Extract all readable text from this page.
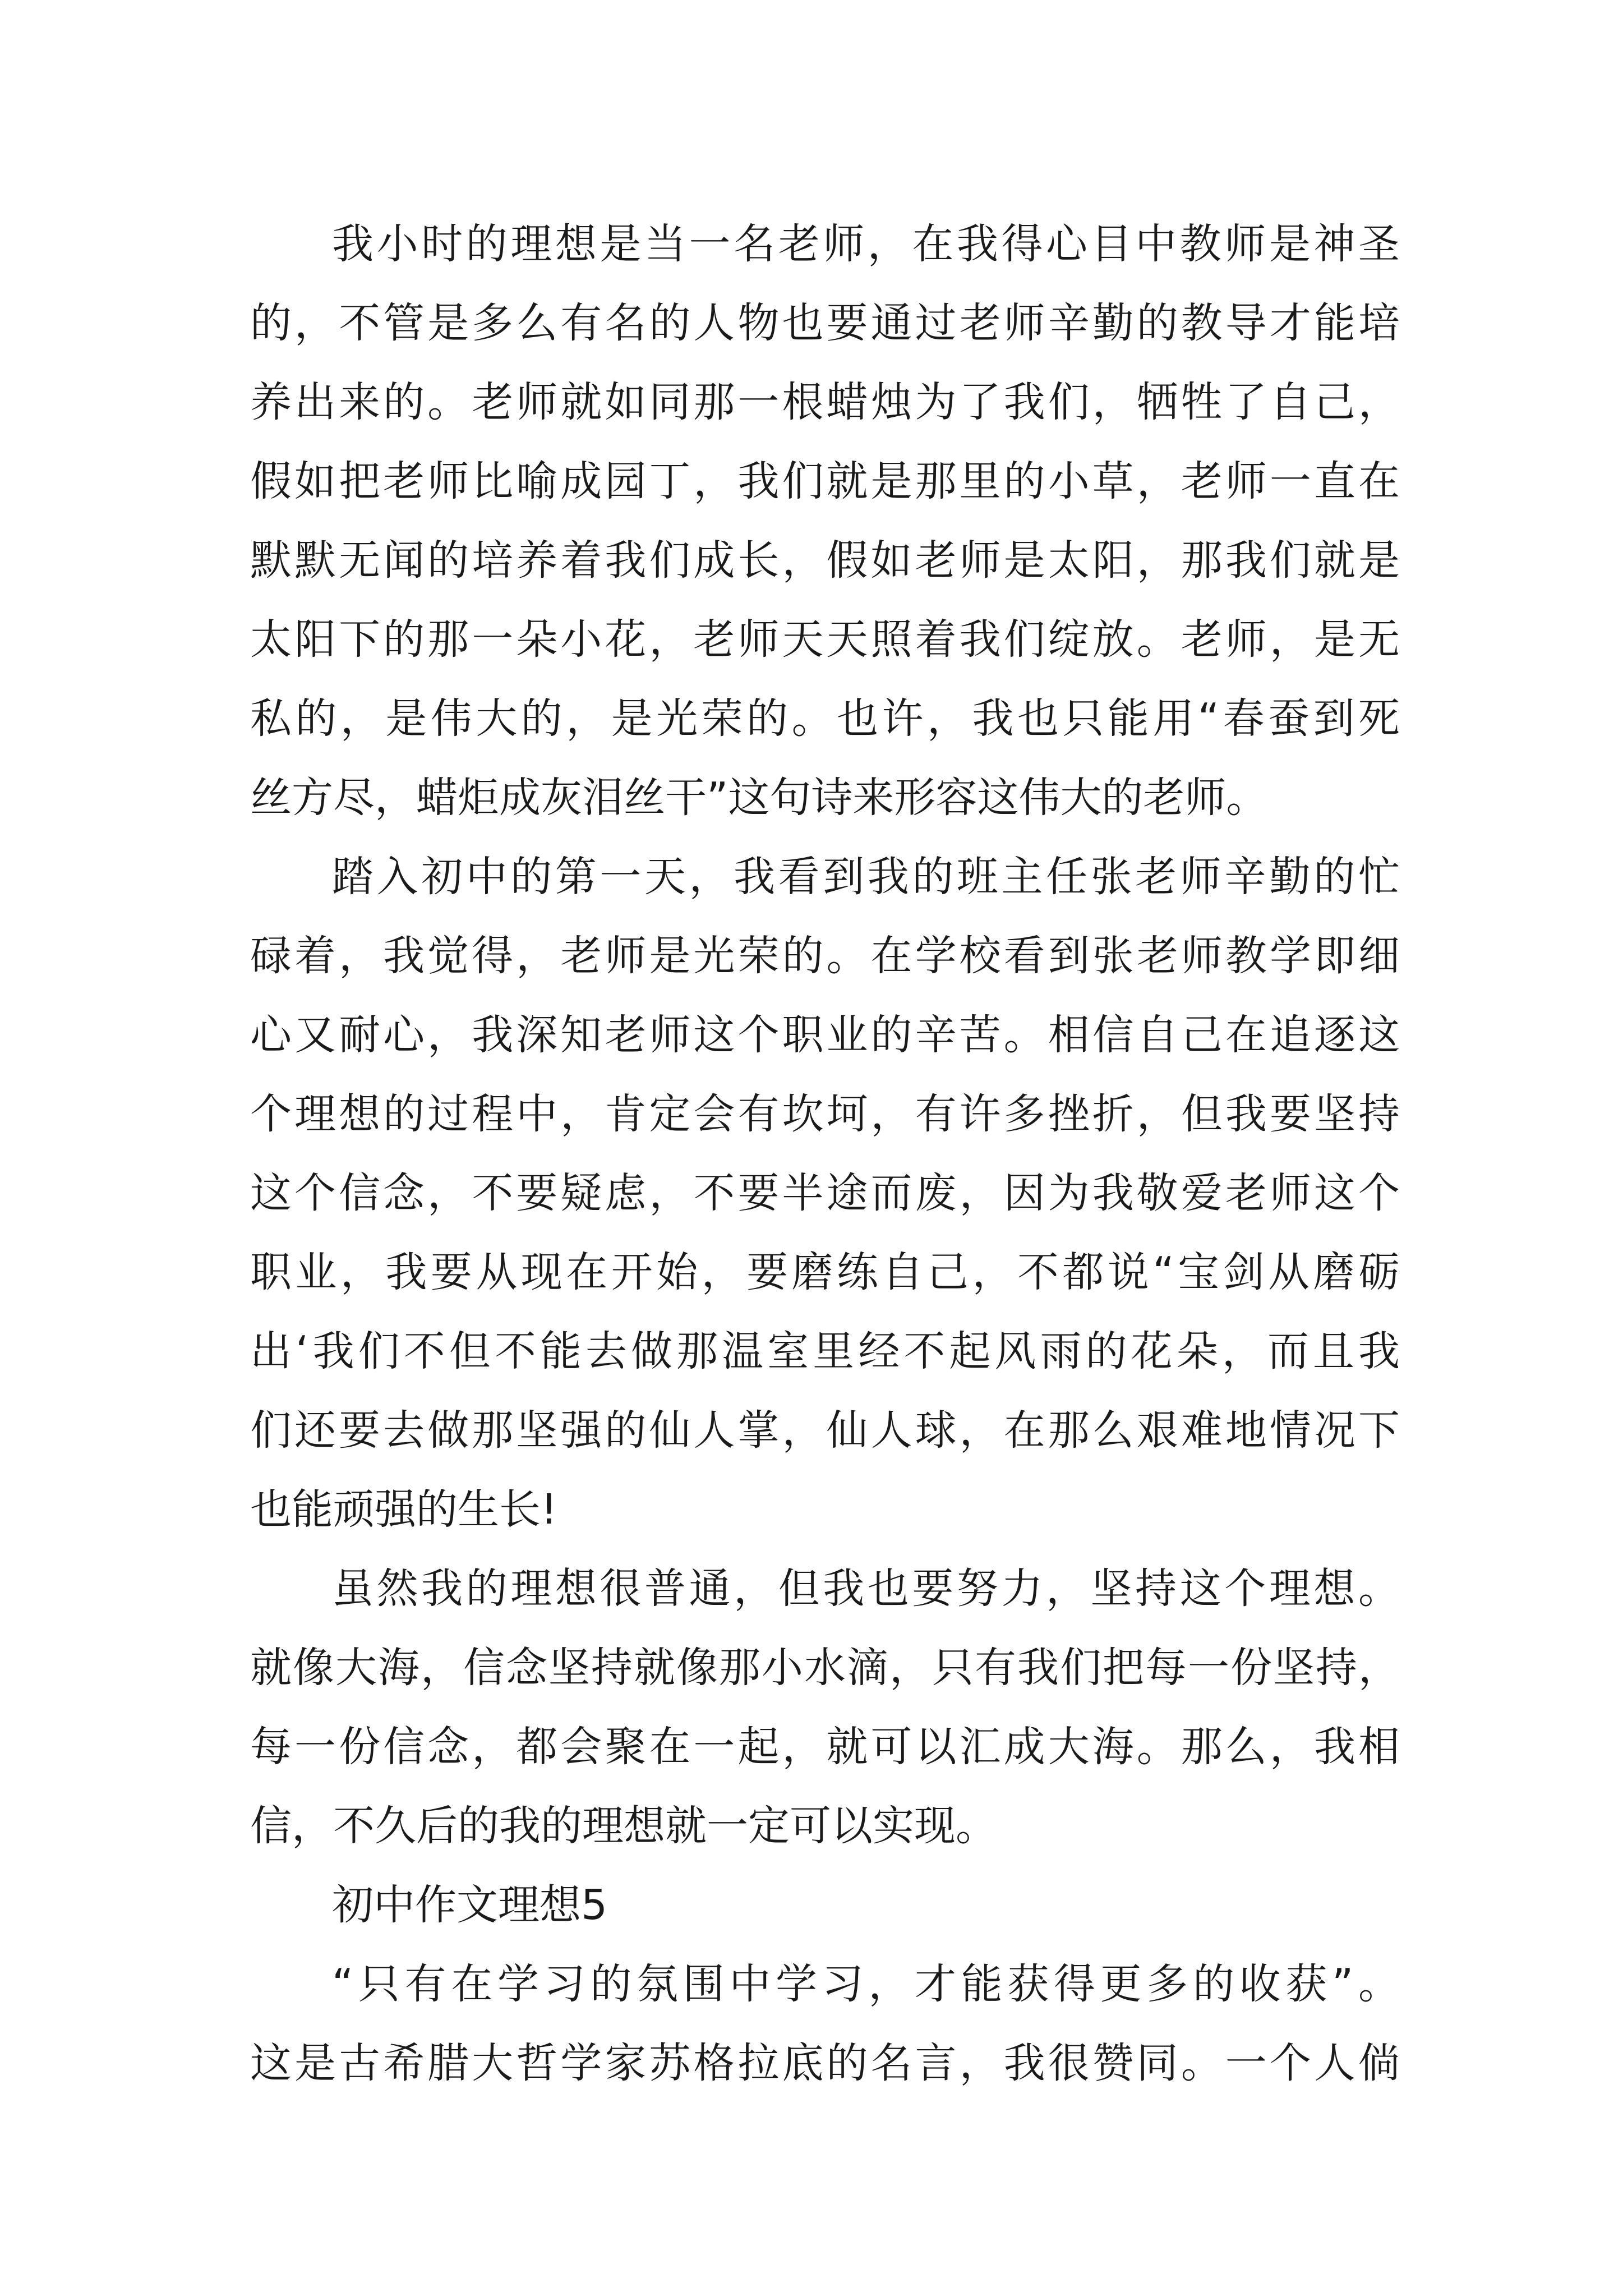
我小时的理想是当一名老师，在我得心目中教师是神圣
的，不管是多么有名的人物也要通过老师辛勤的教导才能培
养出来的。老师就如同那一根蜡烛为了我们，牺牲了自己，
假如把老师比喻成园丁，我们就是那里的小草，老师一直在
默默无闻的培养着我们成长，假如老师是太阳，那我们就是
太阳下的那一朵小花，老师天天照着我们绽放。老师，是无
私的，是伟大的，是光荣的。也许，我也只能用“春蚕到死
丝方尽，蜡炬成灰泪丝干”这句诗来形容这伟大的老师。
踏入初中的第一天，我看到我的班主任张老师辛勤的忙
碌着，我觉得，老师是光荣的。在学校看到张老师教学即细
心又耐心，我深知老师这个职业的辛苦。相信自己在追逐这
个理想的过程中，肯定会有坎坷，有许多挫折，但我要坚持
这个信念，不要疑虑，不要半途而废，因为我敬爱老师这个
职业，我要从现在开始，要磨练自己，不都说“宝剑从磨砺
出‘我们不但不能去做那温室里经不起风雨的花朵，而且我
们还要去做那坚强的仙人掌，仙人球，在那么艰难地情况下
也能顽强的生长!
虽然我的理想很普通，但我也要努力，坚持这个理想。
就像大海，信念坚持就像那小水滴，只有我们把每一份坚持，
每一份信念，都会聚在一起，就可以汇成大海。那么，我相
信，不久后的我的理想就一定可以实现。
初中作文理想5
“只有在学习的氛围中学习，才能获得更多的收获”。
这是古希腊大哲学家苏格拉底的名言，我很赞同。一个人倘
